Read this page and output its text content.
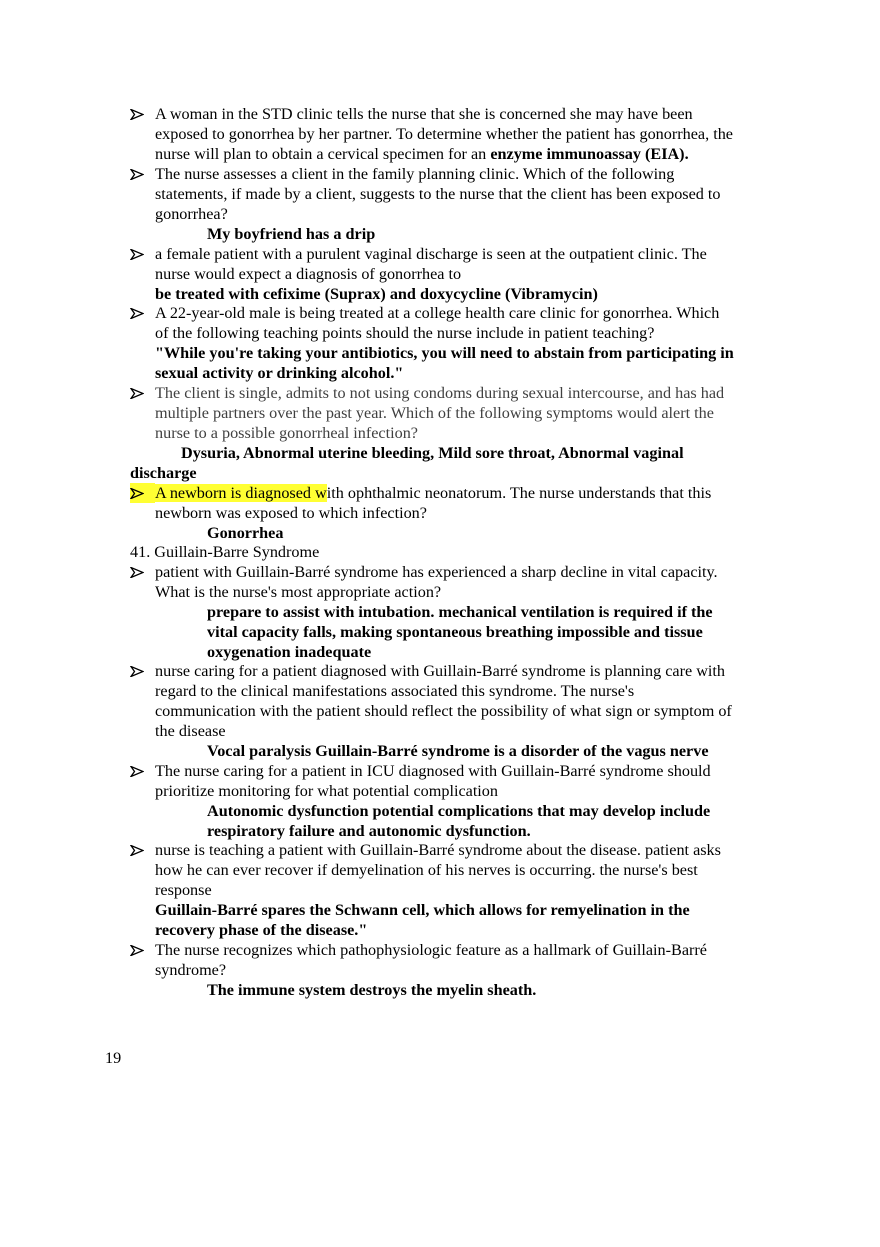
A woman in the STD clinic tells the nurse that she is concerned she may have been
exposed to gonorrhea by her partner. To determine whether the patient has gonorrhea, the
nurse will plan to obtain a cervical specimen for an enzyme immunoassay (EIA).
The nurse assesses a client in the family planning clinic. Which of the following
statements, if made by a client, suggests to the nurse that the client has been exposed to
gonorrhea?
My boyfriend has a drip
a female patient with a purulent vaginal discharge is seen at the outpatient clinic. The
nurse would expect a diagnosis of gonorrhea to
be treated with cefixime (Suprax) and doxycycline (Vibramycin)
A 22-year-old male is being treated at a college health care clinic for gonorrhea. Which
of the following teaching points should the nurse include in patient teaching?
"While you're taking your antibiotics, you will need to abstain from participating in
sexual activity or drinking alcohol."
The client is single, admits to not using condoms during sexual intercourse, and has had
multiple partners over the past year. Which of the following symptoms would alert the
nurse to a possible gonorrheal infection?
Dysuria, Abnormal uterine bleeding, Mild sore throat, Abnormal vaginal
discharge
A newborn is diagnosed with ophthalmic neonatorum. The nurse understands that this
newborn was exposed to which infection?
Gonorrhea
41. Guillain-Barre Syndrome
patient with Guillain-Barré syndrome has experienced a sharp decline in vital capacity.
What is the nurse's most appropriate action?
prepare to assist with intubation. mechanical ventilation is required if the
vital capacity falls, making spontaneous breathing impossible and tissue
oxygenation inadequate
nurse caring for a patient diagnosed with Guillain-Barré syndrome is planning care with
regard to the clinical manifestations associated this syndrome. The nurse's
communication with the patient should reflect the possibility of what sign or symptom of
the disease
Vocal paralysis Guillain-Barré syndrome is a disorder of the vagus nerve
The nurse caring for a patient in ICU diagnosed with Guillain-Barré syndrome should
prioritize monitoring for what potential complication
Autonomic dysfunction potential complications that may develop include
respiratory failure and autonomic dysfunction.
nurse is teaching a patient with Guillain-Barré syndrome about the disease. patient asks
how he can ever recover if demyelination of his nerves is occurring. the nurse's best
response
Guillain-Barré spares the Schwann cell, which allows for remyelination in the
recovery phase of the disease."
The nurse recognizes which pathophysiologic feature as a hallmark of Guillain-Barré
syndrome?
The immune system destroys the myelin sheath.
19
